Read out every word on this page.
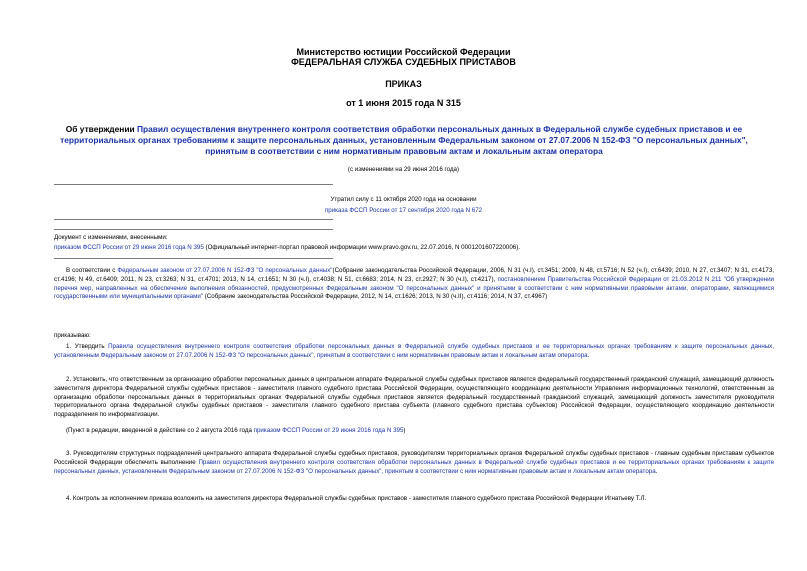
Министерство юстиции Российской Федерации
ФЕДЕРАЛЬНАЯ СЛУЖБА СУДЕБНЫХ ПРИСТАВОВ
ПРИКАЗ
от 1 июня 2015 года N 315
Об утверждении Правил осуществления внутреннего контроля соответствия обработки персональных данных в Федеральной службе судебных приставов и ее территориальных органах требованиям к защите персональных данных, установленным Федеральным законом от 27.07.2006 N 152-ФЗ "О персональных данных", принятым в соответствии с ним нормативным правовым актам и локальным актам оператора
(с изменениями на 29 июня 2016 года)
Утратил силу с 11 октября 2020 года на основании
приказа ФССП России от 17 сентября 2020 года N 672
Документ с изменениями, внесенными:
приказом ФССП России от 29 июня 2016 года N 395 (Официальный интернет-портал правовой информации www.pravo.gov.ru, 22.07.2016, N 0001201607220006).
В соответствии с Федеральным законом от 27.07.2006 N 152-ФЗ "О персональных данных"(Собрание законодательства Российской Федерации, 2006, N 31 (ч.I), ст.3451; 2009, N 48, ст.5716; N 52 (ч.I), ст.6439; 2010, N 27, ст.3407; N 31, ст.4173, ст.4196; N 49, ст.6409; 2011, N 23, ст.3263; N 31, ст.4701; 2013, N 14, ст.1651; N 30 (ч.I), ст.4038; N 51, ст.6683; 2014, N 23, ст.2927; N 30 (ч.I), ст.4217), постановлением Правительства Российской Федерации от 21.03.2012 N 211 "Об утверждении перечня мер, направленных на обеспечение выполнения обязанностей, предусмотренных Федеральным законом "О персональных данных" и принятыми в соответствии с ним нормативными правовыми актами, операторами, являющимися государственными или муниципальными органами" (Собрание законодательства Российской Федерации, 2012, N 14, ст.1626; 2013, N 30 (ч.II), ст.4116; 2014, N 37, ст.4967)
приказываю:
1. Утвердить Правила осуществления внутреннего контроля соответствия обработки персональных данных в Федеральной службе судебных приставов и ее территориальных органах требованиям к защите персональных данных, установленным Федеральным законом от 27.07.2006 N 152-ФЗ "О персональных данных", принятым в соответствии с ним нормативным правовым актам и локальным актам оператора.
2. Установить, что ответственным за организацию обработки персональных данных в центральном аппарате Федеральной службы судебных приставов является федеральный государственный гражданский служащий, замещающий должность заместителя директора Федеральной службы судебных приставов - заместителя главного судебного пристава Российской Федерации, осуществляющего координацию деятельности Управления информационных технологий, ответственным за организацию обработки персональных данных в территориальных органах Федеральной службы судебных приставов является федеральный государственный гражданский служащий, замещающий должность заместителя руководителя территориального органа Федеральной службы судебных приставов - заместителя главного судебного пристава субъекта (главного судебного пристава субъектов) Российской Федерации, осуществляющего координацию деятельности подразделения по информатизации.
(Пункт в редакции, введенной в действие со 2 августа 2016 года приказом ФССП России от 29 июня 2016 года N 395)
3. Руководителям структурных подразделений центрального аппарата Федеральной службы судебных приставов, руководителям территориальных органов Федеральной службы судебных приставов - главным судебным приставам субъектов Российской Федерации обеспечить выполнение Правил осуществления внутреннего контроля соответствия обработки персональных данных в Федеральной службе судебных приставов и ее территориальных органах требованиям к защите персональных данных, установленным Федеральным законом от 27.07.2006 N 152-ФЗ "О персональных данных", принятым в соответствии с ним нормативным правовым актам и локальным актам оператора.
4. Контроль за исполнением приказа возложить на заместителя директора Федеральной службы судебных приставов - заместителя главного судебного пристава Российской Федерации Игнатьеву Т.Л.
